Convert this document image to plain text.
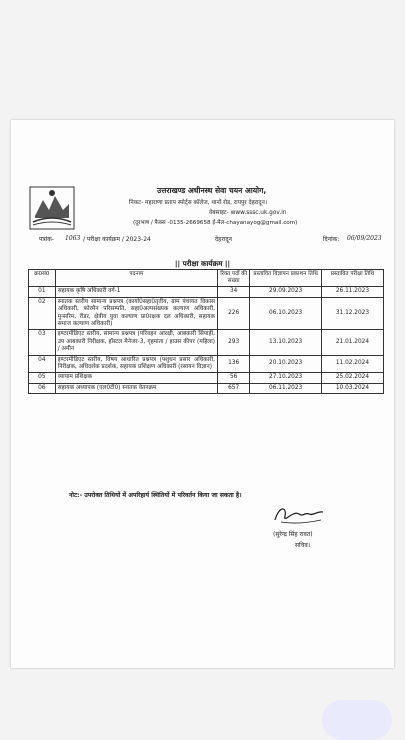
उत्तराखण्ड अधीनस्थ सेवा चयन आयोग,
निकट- महाराणा प्रताप स्पोर्ट्स कॉलेज, थानों रोड, रायपुर देहरादून।
वेबसाइट- www.sssc.uk.gov.in
(दूरभाष / फैक्स -0135-2669658 ई-मेल-chayanayog@gmail.com)
पत्रांक- 1063 / परीक्षा कार्यक्रम / 2023-24	देहरादून	दिनांक: 06/09/2023
|| परीक्षा कार्यक्रम ||
क्र0सं0	पदनाम	रिक्त पदों की संख्या	प्रस्तावित विज्ञापन प्रकाशन तिथि	प्रस्तावित परीक्षा तिथि
01	सहायक कृषि अधिकारी वर्ग-1	34	29.09.2023	26.11.2023
02	स्नातक स्तरीय सामान्य प्रश्नपत्र (कार्या0सहा0तृतीय, ग्राम पंचायत विकास अधिकारी, फोरमैन परिसम्पति, सहा0अल्पसंख्यक कल्याण अधिकारी, मुन्सरिम, रीडर, क्षेत्रीय युवा कल्याण प्रा0रक्षक दल अधिकारी, सहायक समाज कल्याण अधिकारी)	226	06.10.2023	31.12.2023
03	इण्टरमीडिएट स्तरीय, सामान्य प्रश्नपत्र (परिवहन आरक्षी, आबकारी सिपाही, उप आबकारी निरीक्षक, हॉस्टल मैनेजर-3, गृहमाता / हाउस कीपर (महिला) / अमीन	293	13.10.2023	21.01.2024
04	इण्टरमीडिएट स्तरीय, विषय आधारित प्रश्नपत्र (पशुधन प्रसार अधिकारी, निरीक्षक, अधिदर्शक प्रदर्शक, सहायक प्रशिक्षण अधिकारी (रसायन विज्ञान)	136	20.10.2023	11.02.2024
05	व्यायाम प्रशिक्षक	56	27.10.2023	25.02.2024
06	सहायक अध्यापक (एल0टी0) स्नातक वेतनक्रम	657	06.11.2023	10.03.2024
नोट:- उपरोक्त तिथियों में अपरिहार्य स्थितियों में परिवर्तन किया जा सकता है।
(सुरेन्द्र सिंह रावत)
सचिव।
